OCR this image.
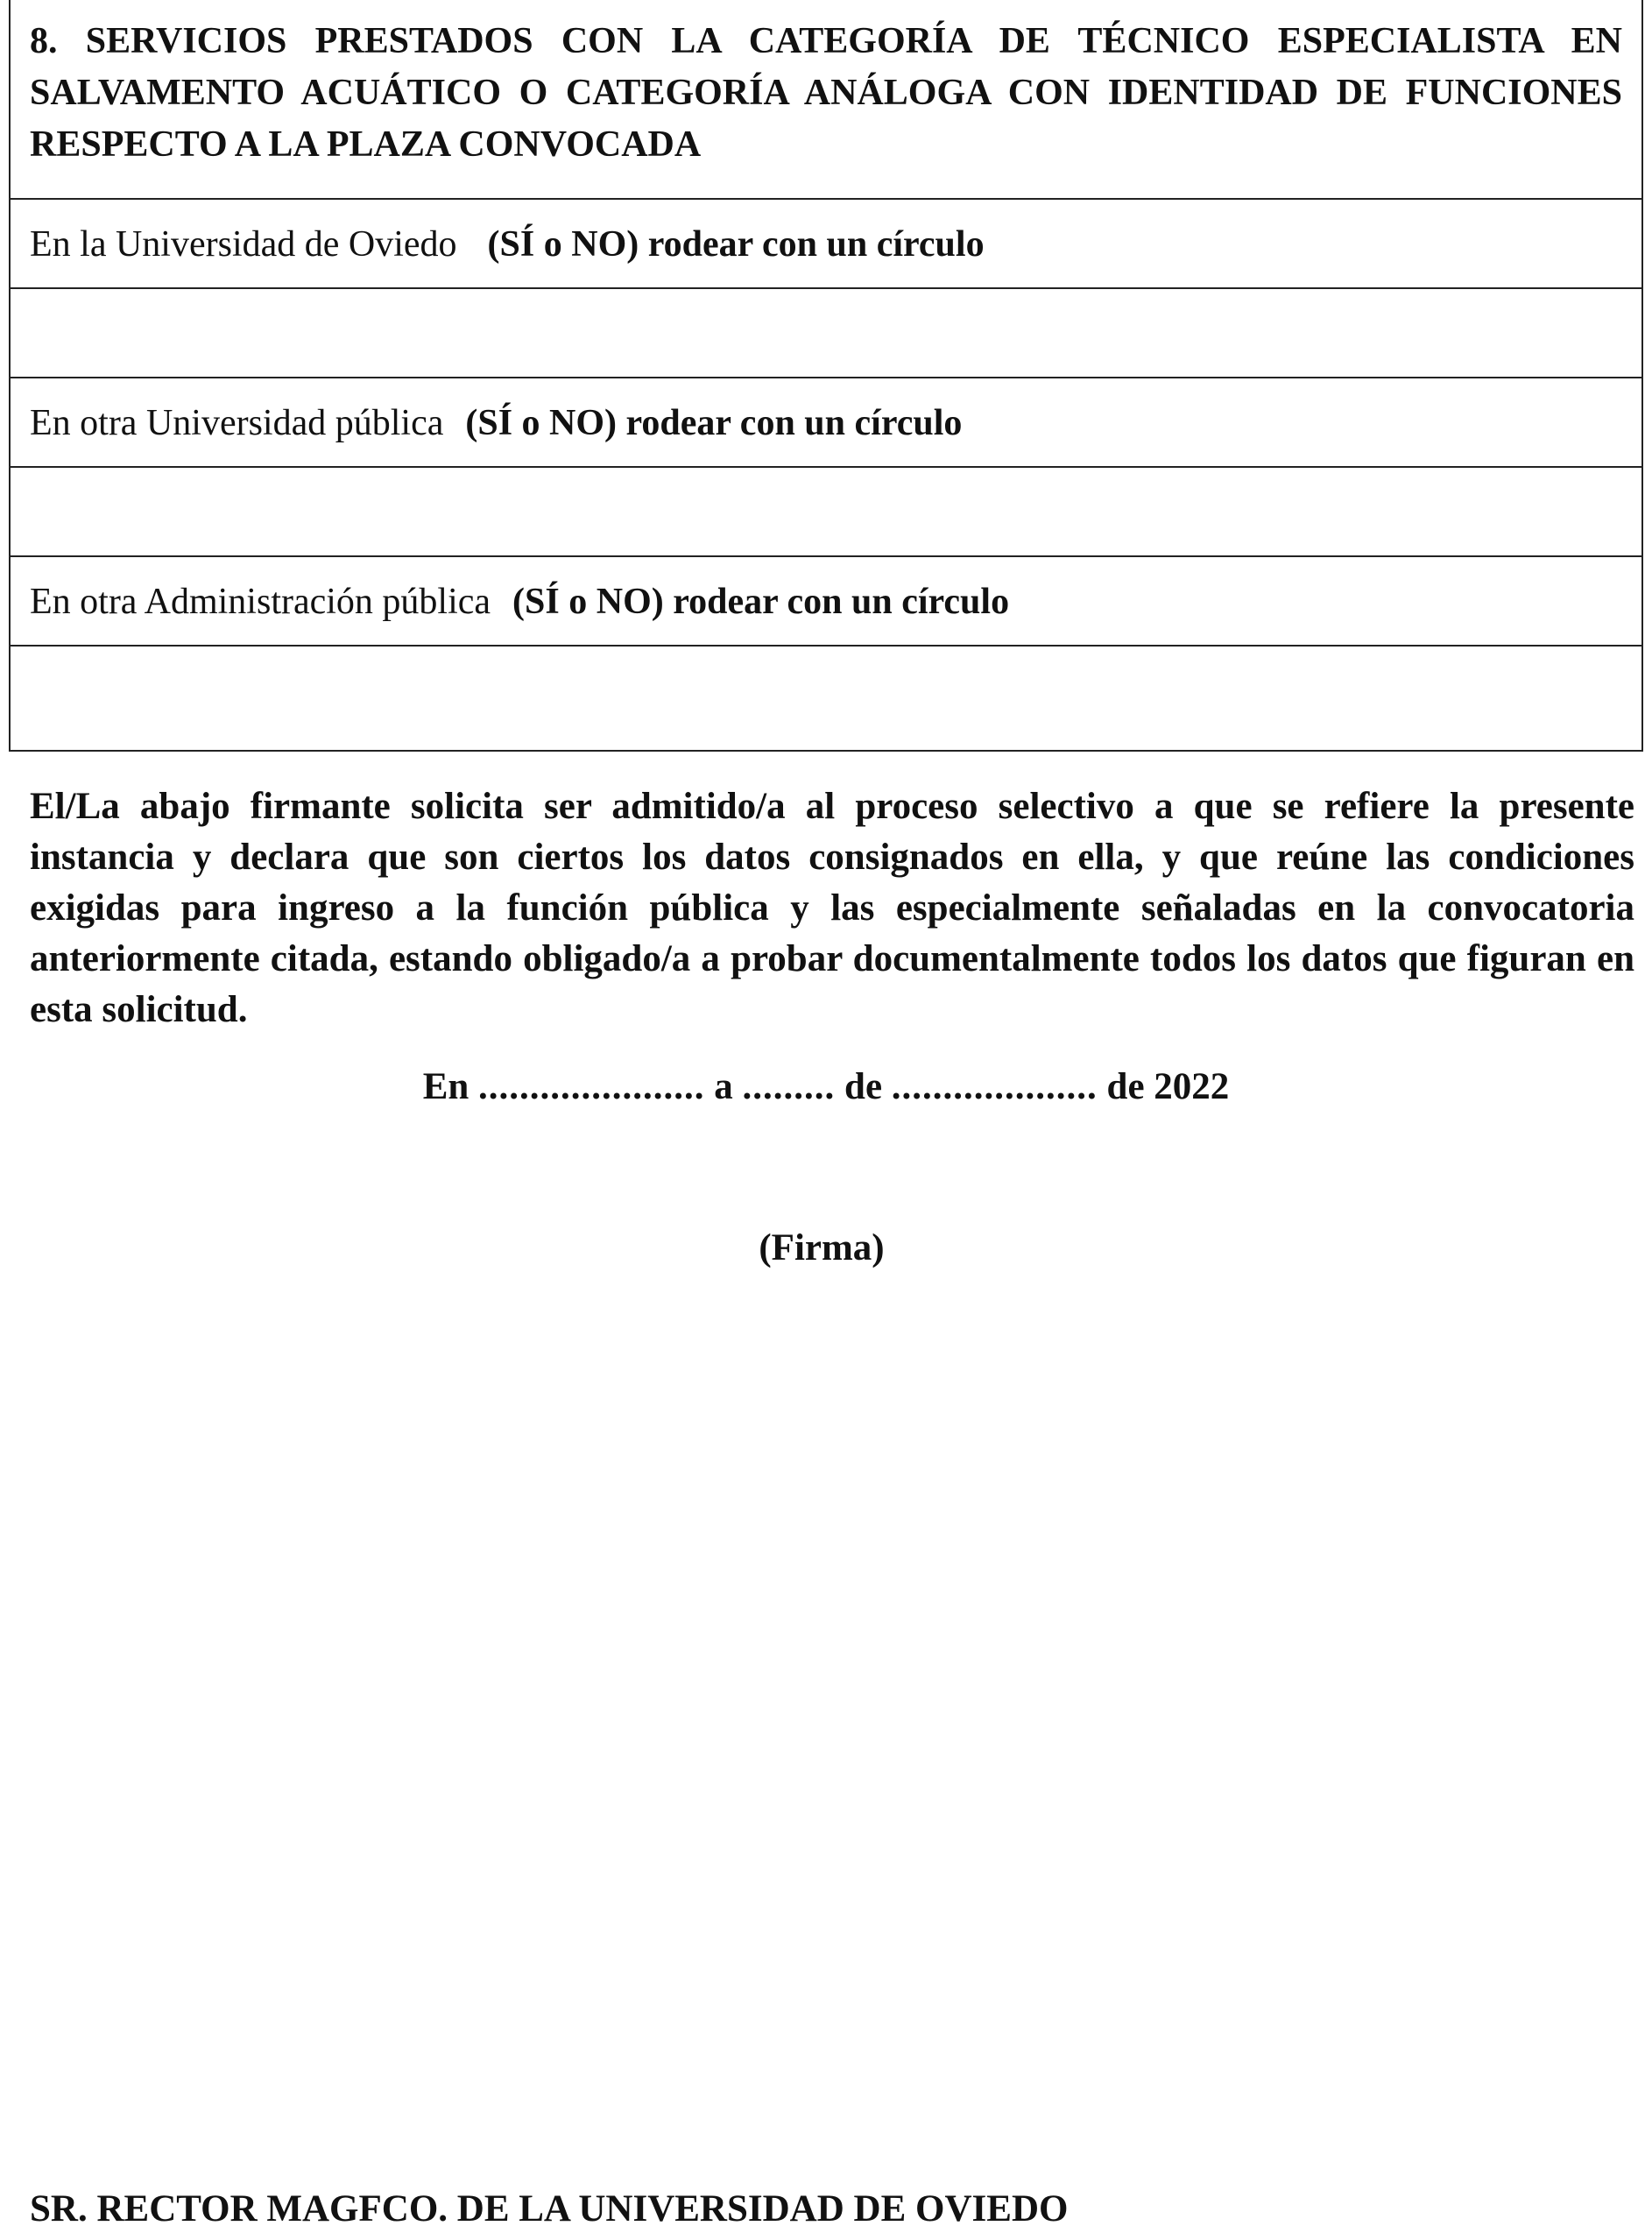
8. SERVICIOS PRESTADOS CON LA CATEGORÍA DE TÉCNICO ESPECIALISTA EN
SALVAMENTO ACUÁTICO O CATEGORÍA ANÁLOGA CON IDENTIDAD DE FUNCIONES
RESPECTO A LA PLAZA CONVOCADA
En la Universidad de Oviedo (SÍ o NO) rodear con un círculo
En otra Universidad pública (SÍ o NO) rodear con un círculo
En otra Administración pública (SÍ o NO) rodear con un círculo

El/La abajo firmante solicita ser admitido/a al proceso selectivo a que se refiere la presente instancia y declara que son ciertos los datos consignados en ella, y que reúne las condiciones exigidas para ingreso a la función pública y las especialmente señaladas en la convocatoria anteriormente citada, estando obligado/a a probar documentalmente todos los datos que figuran en esta solicitud.

En ...................... a ......... de .................... de 2022
(Firma)
SR. RECTOR MAGFCO. DE LA UNIVERSIDAD DE OVIEDO
